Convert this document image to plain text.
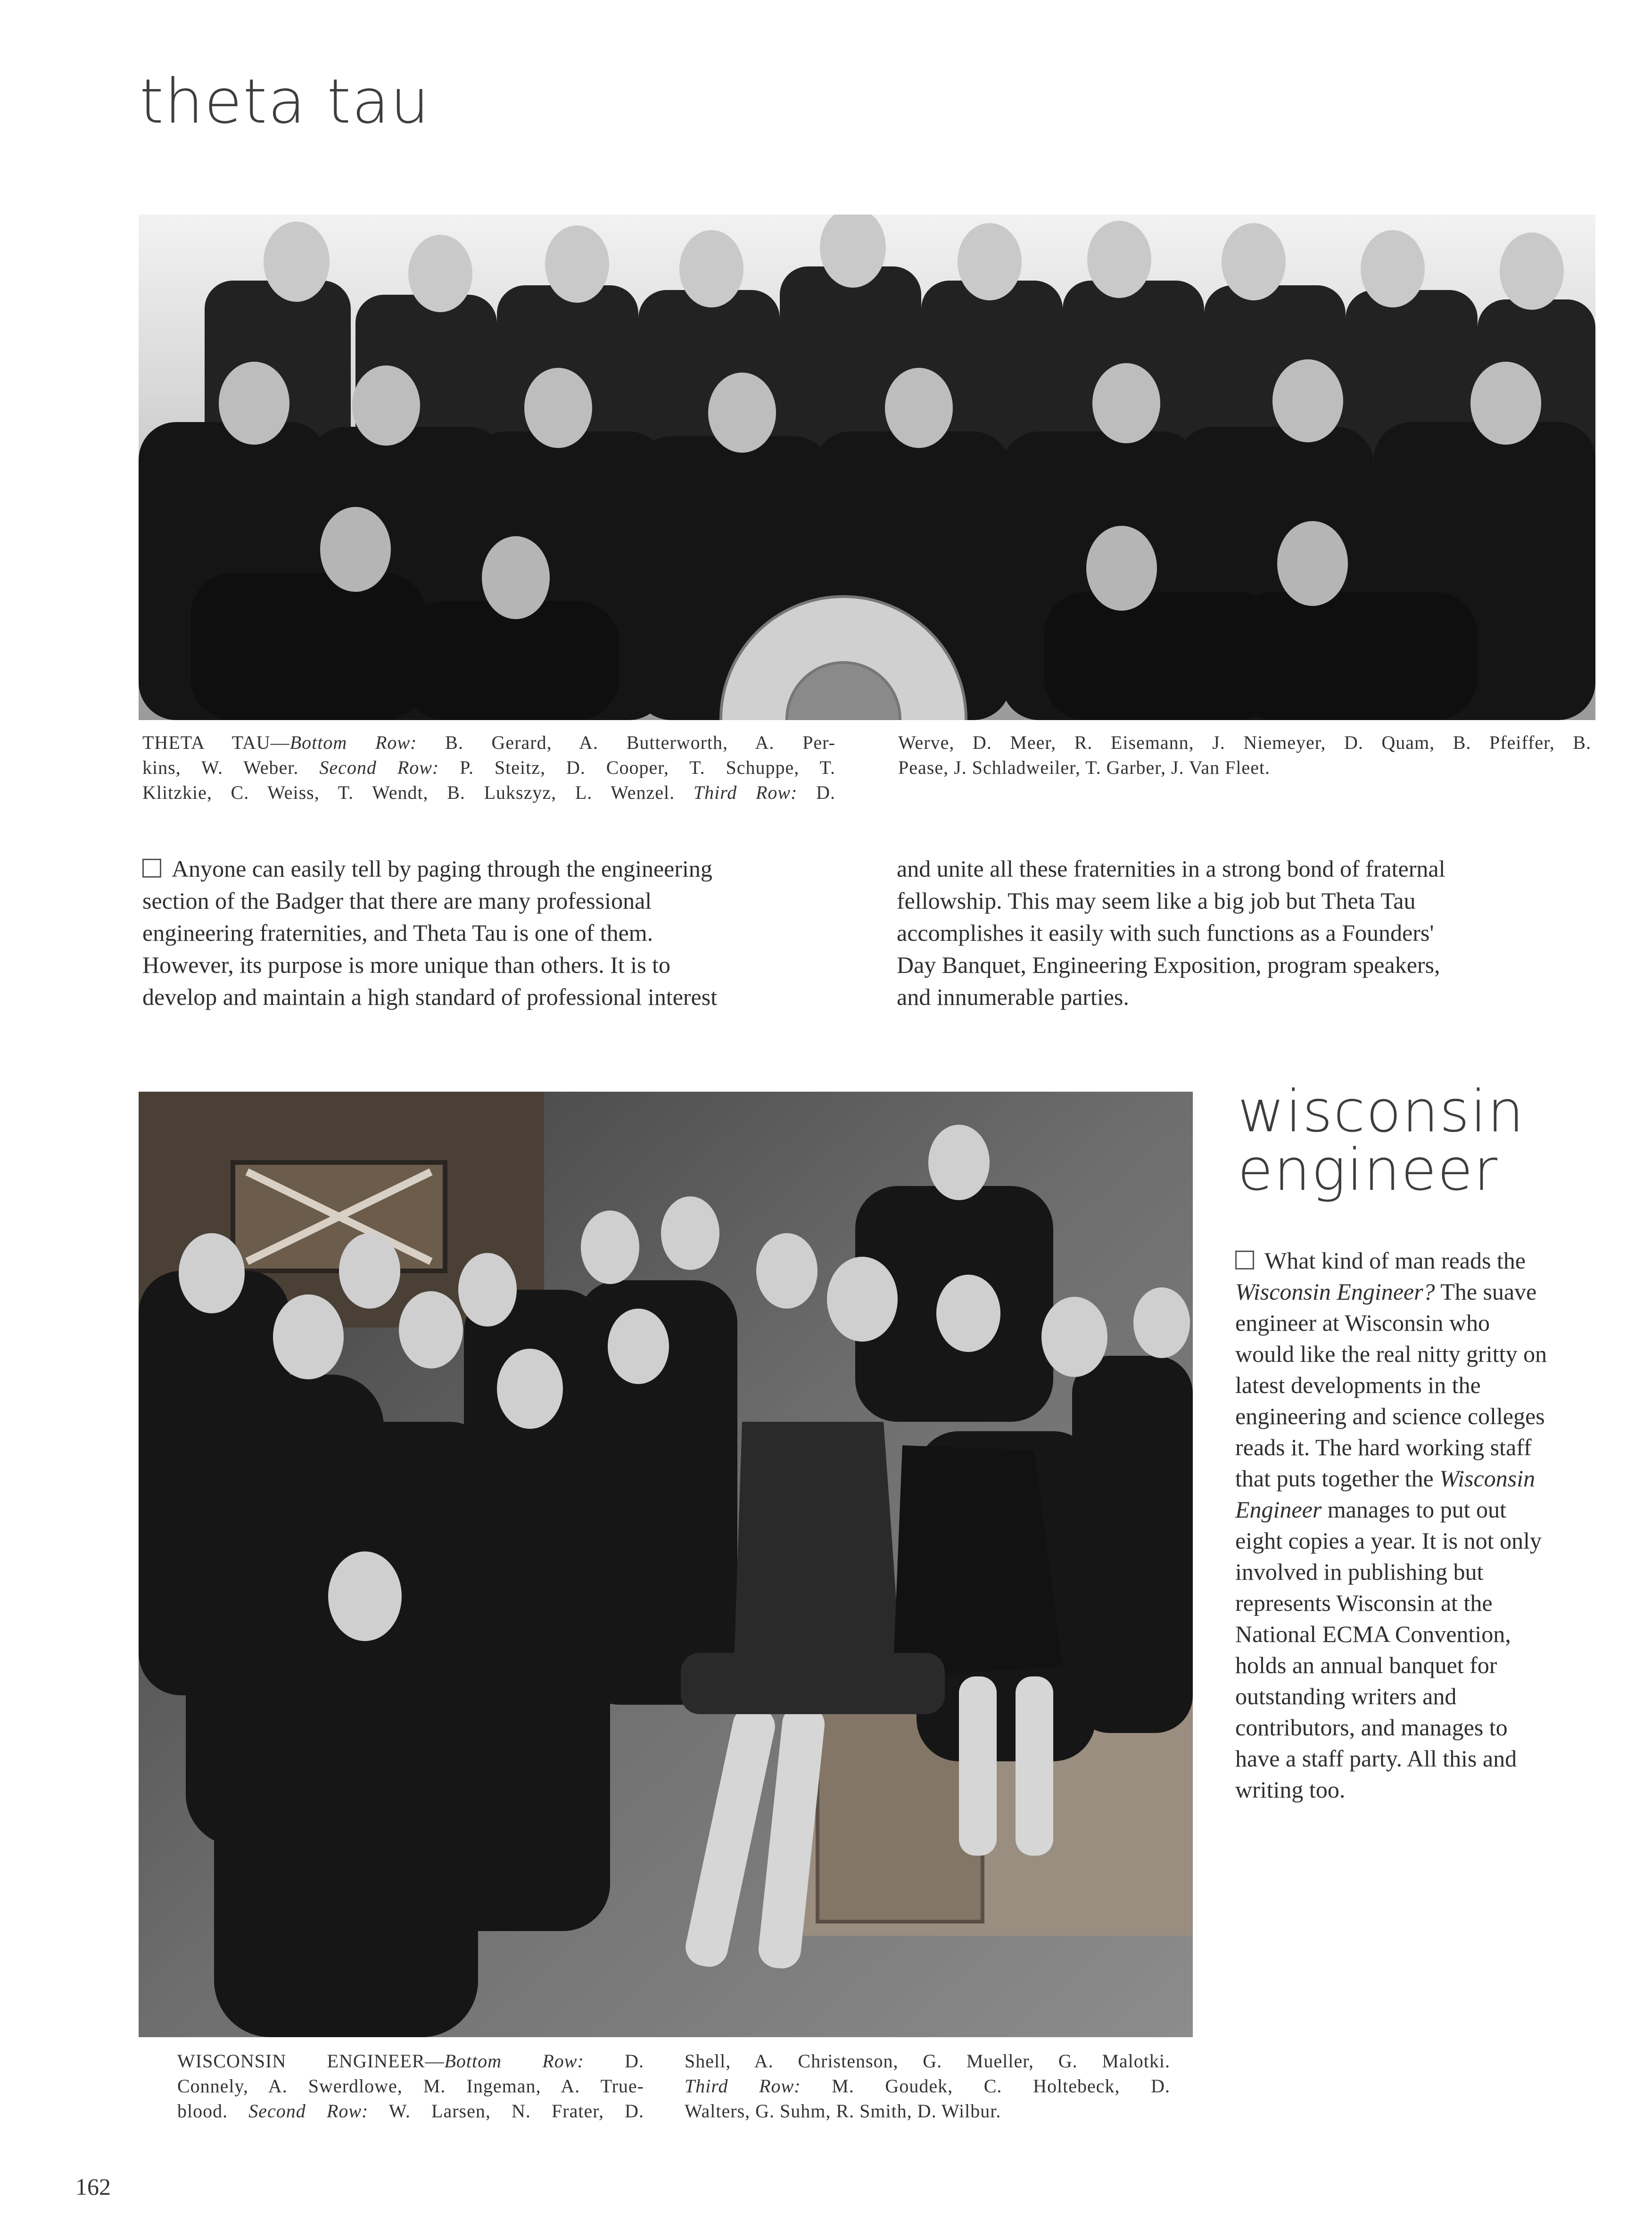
theta tau
THETA TAU—Bottom Row: B. Gerard, A. Butterworth, A. Per-
kins, W. Weber. Second Row: P. Steitz, D. Cooper, T. Schuppe, T.
Klitzkie, C. Weiss, T. Wendt, B. Lukszyz, L. Wenzel. Third Row: D.
Werve, D. Meer, R. Eisemann, J. Niemeyer, D. Quam, B. Pfeiffer, B.
Pease, J. Schladweiler, T. Garber, J. Van Fleet.
Anyone can easily tell by paging through the engineering
section of the Badger that there are many professional
engineering fraternities, and Theta Tau is one of them.
However, its purpose is more unique than others. It is to
develop and maintain a high standard of professional interest
and unite all these fraternities in a strong bond of fraternal
fellowship. This may seem like a big job but Theta Tau
accomplishes it easily with such functions as a Founders'
Day Banquet, Engineering Exposition, program speakers,
and innumerable parties.
wisconsin
engineer
What kind of man reads the
Wisconsin Engineer? The suave
engineer at Wisconsin who
would like the real nitty gritty on
latest developments in the
engineering and science colleges
reads it. The hard working staff
that puts together the Wisconsin
Engineer manages to put out
eight copies a year. It is not only
involved in publishing but
represents Wisconsin at the
National ECMA Convention,
holds an annual banquet for
outstanding writers and
contributors, and manages to
have a staff party. All this and
writing too.
WISCONSIN ENGINEER—Bottom Row: D.
Connely, A. Swerdlowe, M. Ingeman, A. True-
blood. Second Row: W. Larsen, N. Frater, D.
Shell, A. Christenson, G. Mueller, G. Malotki.
Third Row: M. Goudek, C. Holtebeck, D.
Walters, G. Suhm, R. Smith, D. Wilbur.
162
